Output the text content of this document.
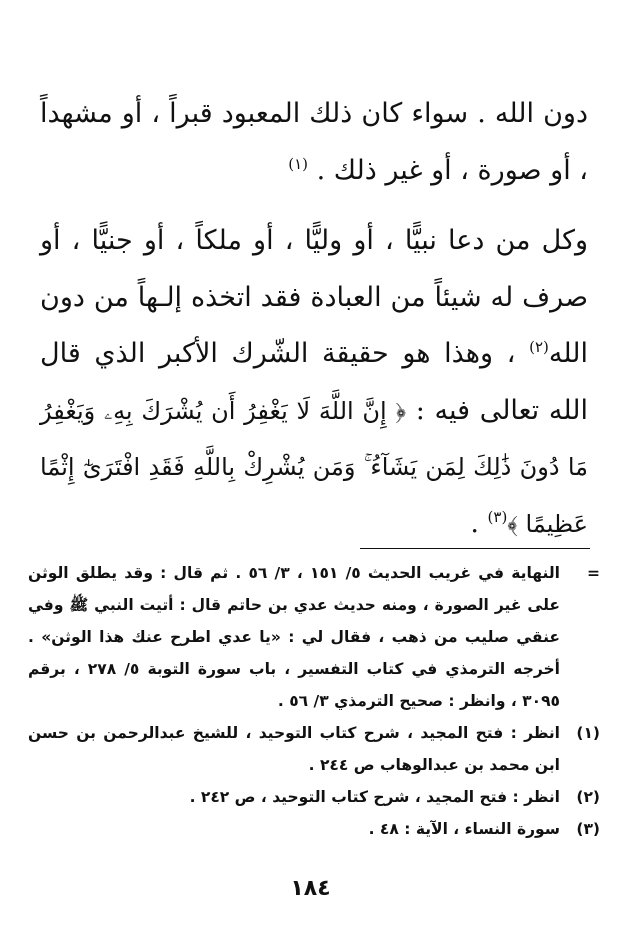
دون الله . سواء كان ذلك المعبود قبراً ، أو مشهداً ، أو صورة ، أو غير ذلك . $^{(١)}$

وكل من دعا نبيًّا ، أو وليًّا ، أو ملكاً ، أو جنيًّا ، أو صرف له شيئاً من العبادة فقد اتخذه إلـهاً من دون الله$^{(٢)}$ ، وهذا هو حقيقة الشّرك الأكبر الذي قال الله تعالى فيه : ﴿ إِنَّ اللَّهَ لَا يَغْفِرُ أَن يُشْرَكَ بِهِۦ وَيَغْفِرُ مَا دُونَ ذَٰلِكَ لِمَن يَشَآءُ ۚ وَمَن يُشْرِكْ بِاللَّهِ فَقَدِ افْتَرَىٰٓ إِثْمًا عَظِيمًا ﴾$^{(٣)}$ .

=
النهاية في غريب الحديث ٥/ ١٥١ ، ٣/ ٥٦ . ثم قال : وقد يطلق الوثن على غير الصورة ، ومنه حديث عدي بن حاتم قال : أتيت النبي ﷺ وفي عنقي صليب من ذهب ، فقال لي : «يا عدي اطرح عنك هذا الوثن» . أخرجه الترمذي في كتاب التفسير ، باب سورة التوبة ٥/ ٢٧٨ ، برقم ٣٠٩٥ ، وانظر : صحيح الترمذي ٣/ ٥٦ .
(١)
انظر : فتح المجيد ، شرح كتاب التوحيد ، للشيخ عبدالرحمن بن حسن ابن محمد بن عبدالوهاب ص ٢٤٤ .
(٢)
انظر : فتح المجيد ، شرح كتاب التوحيد ، ص ٢٤٢ .
(٣)
سورة النساء ، الآية : ٤٨ .
١٨٤
